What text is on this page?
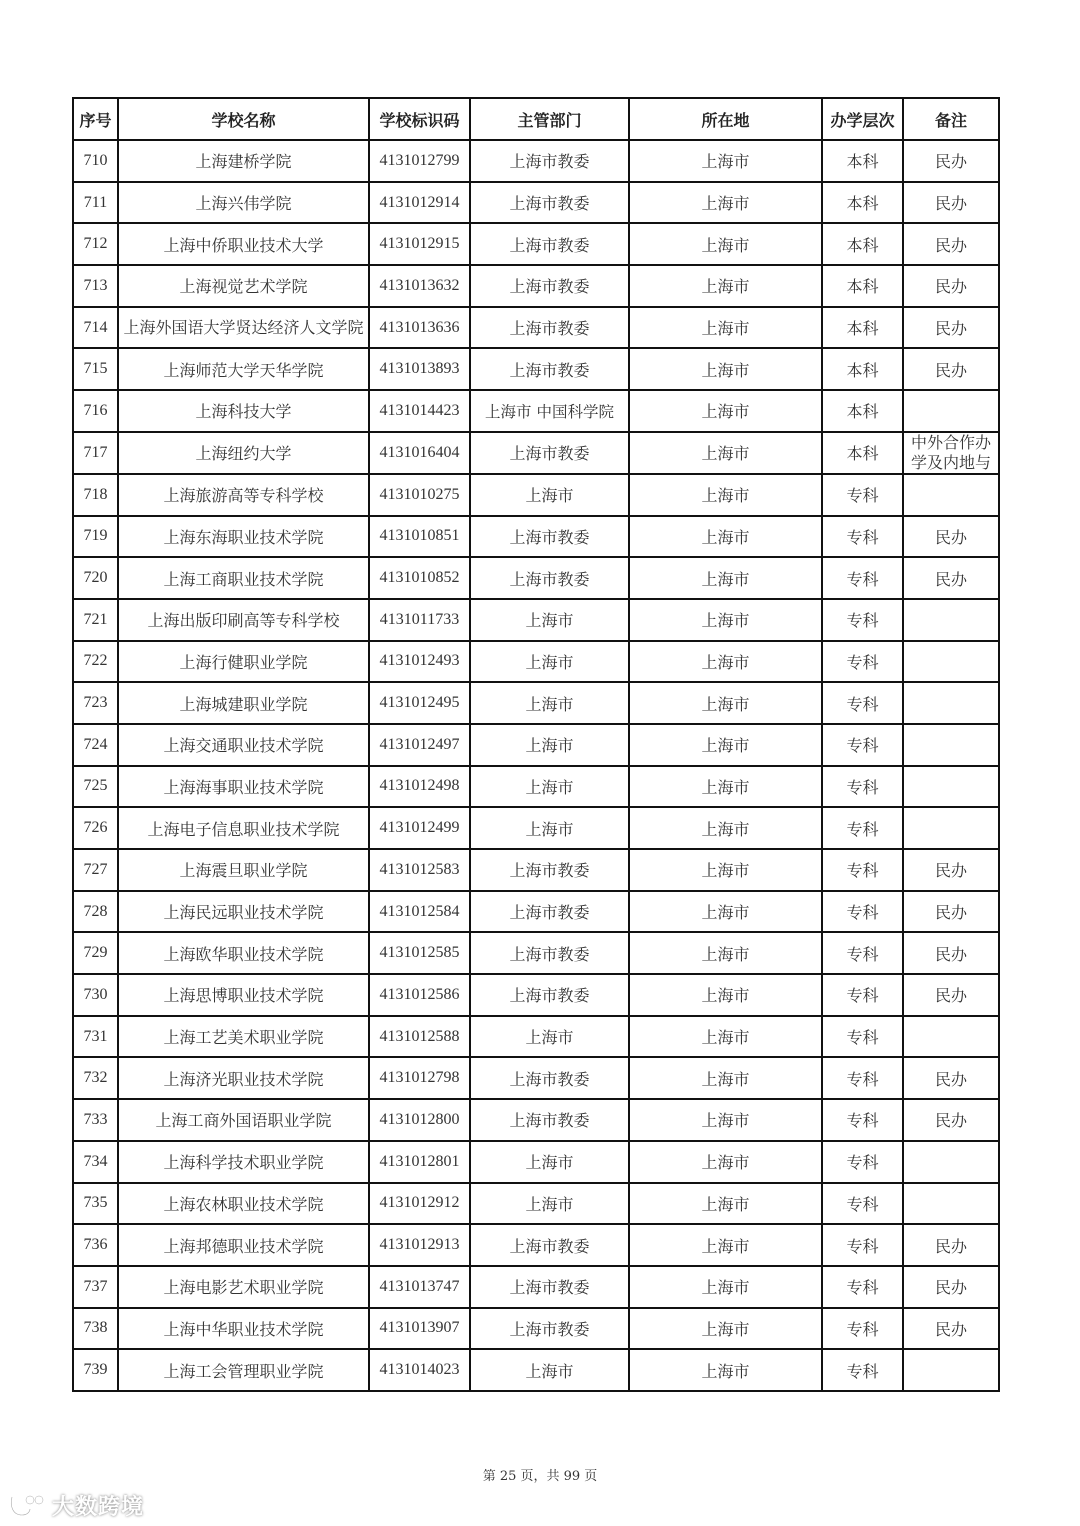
序号	学校名称	学校标识码	主管部门	所在地	办学层次	备注
710	上海建桥学院	4131012799	上海市教委	上海市	本科	民办
711	上海兴伟学院	4131012914	上海市教委	上海市	本科	民办
712	上海中侨职业技术大学	4131012915	上海市教委	上海市	本科	民办
713	上海视觉艺术学院	4131013632	上海市教委	上海市	本科	民办
714	上海外国语大学贤达经济人文学院	4131013636	上海市教委	上海市	本科	民办
715	上海师范大学天华学院	4131013893	上海市教委	上海市	本科	民办
716	上海科技大学	4131014423	上海市 中国科学院	上海市	本科	
717	上海纽约大学	4131016404	上海市教委	上海市	本科	中外合作办学及内地与

718	上海旅游高等专科学校	4131010275	上海市	上海市	专科	
719	上海东海职业技术学院	4131010851	上海市教委	上海市	专科	民办
720	上海工商职业技术学院	4131010852	上海市教委	上海市	专科	民办
721	上海出版印刷高等专科学校	4131011733	上海市	上海市	专科	
722	上海行健职业学院	4131012493	上海市	上海市	专科	
723	上海城建职业学院	4131012495	上海市	上海市	专科	
724	上海交通职业技术学院	4131012497	上海市	上海市	专科	
725	上海海事职业技术学院	4131012498	上海市	上海市	专科	
726	上海电子信息职业技术学院	4131012499	上海市	上海市	专科	
727	上海震旦职业学院	4131012583	上海市教委	上海市	专科	民办
728	上海民远职业技术学院	4131012584	上海市教委	上海市	专科	民办
729	上海欧华职业技术学院	4131012585	上海市教委	上海市	专科	民办
730	上海思博职业技术学院	4131012586	上海市教委	上海市	专科	民办
731	上海工艺美术职业学院	4131012588	上海市	上海市	专科	
732	上海济光职业技术学院	4131012798	上海市教委	上海市	专科	民办
733	上海工商外国语职业学院	4131012800	上海市教委	上海市	专科	民办
734	上海科学技术职业学院	4131012801	上海市	上海市	专科	
735	上海农林职业技术学院	4131012912	上海市	上海市	专科	
736	上海邦德职业技术学院	4131012913	上海市教委	上海市	专科	民办
737	上海电影艺术职业学院	4131013747	上海市教委	上海市	专科	民办
738	上海中华职业技术学院	4131013907	上海市教委	上海市	专科	民办
739	上海工会管理职业学院	4131014023	上海市	上海市	专科	
第 25 页，共 99 页
大数跨境
